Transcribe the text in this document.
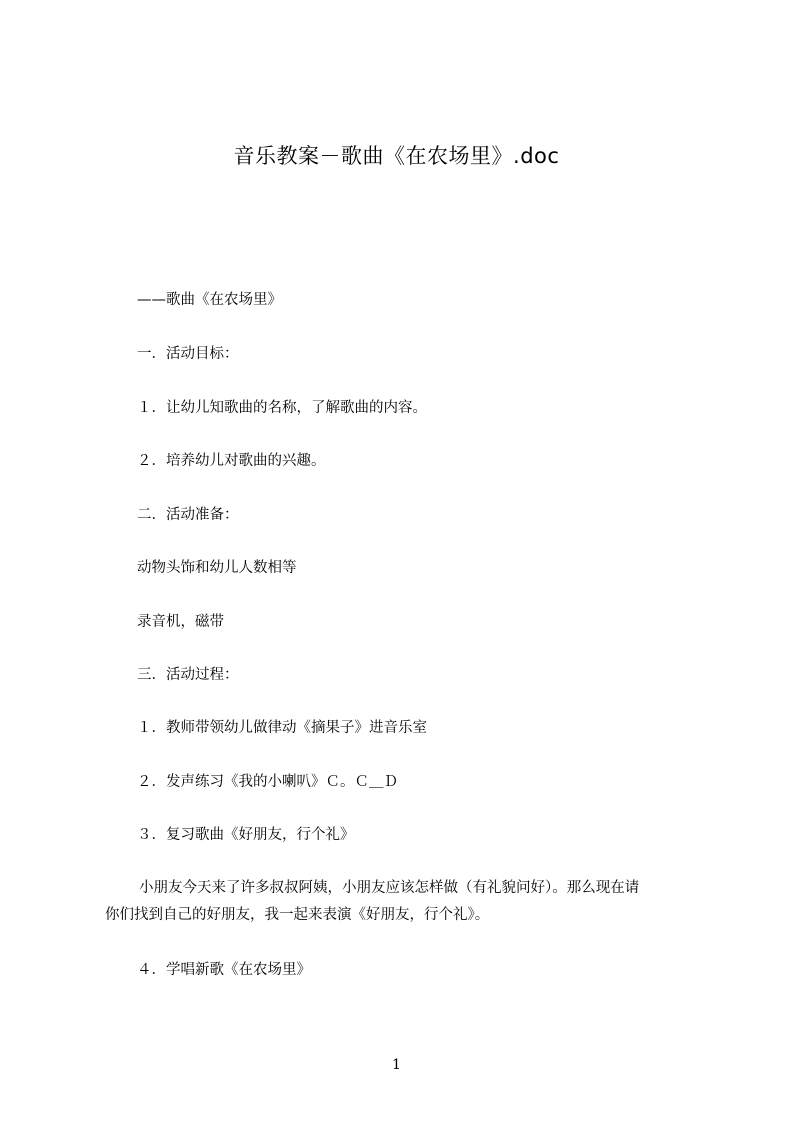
音乐教案－歌曲《在农场里》.doc
——歌曲《在农场里》
一．活动目标：
１．让幼儿知歌曲的名称，了解歌曲的内容。
２．培养幼儿对歌曲的兴趣。
二．活动准备：
动物头饰和幼儿人数相等
录音机，磁带
三．活动过程：
１．教师带领幼儿做律动《摘果子》进音乐室
２．发声练习《我的小喇叭》Ｃ。Ｃ＿Ｄ
３．复习歌曲《好朋友，行个礼》
小朋友今天来了许多叔叔阿姨，小朋友应该怎样做（有礼貌问好）。那么现在请
你们找到自己的好朋友，我一起来表演《好朋友，行个礼》。
４．学唱新歌《在农场里》
1
